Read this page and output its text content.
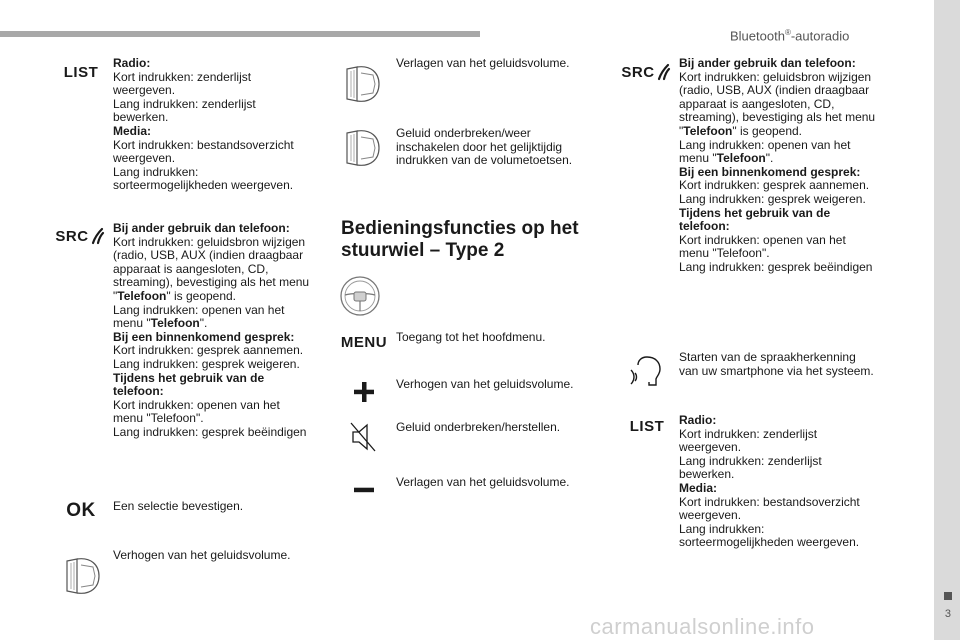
Bluetooth®-autoradio
3
LIST
Radio:
Kort indrukken: zenderlijst
weergeven.
Lang indrukken: zenderlijst
bewerken.
Media:
Kort indrukken: bestandsoverzicht
weergeven.
Lang indrukken:
sorteermogelijkheden weergeven.
SRC Bij ander gebruik dan telefoon:
Kort indrukken: geluidsbron wijzigen
(radio, USB, AUX (indien draagbaar
apparaat is aangesloten, CD,
streaming), bevestiging als het menu
"Telefoon" is geopend.
Lang indrukken: openen van het
menu "Telefoon".
Bij een binnenkomend gesprek:
Kort indrukken: gesprek aannemen.
Lang indrukken: gesprek weigeren.
Tijdens het gebruik van de
telefoon:
Kort indrukken: openen van het
menu "Telefoon".
Lang indrukken: gesprek beëindigen
OK Een selectie bevestigen.
Verhogen van het geluidsvolume.
Verlagen van het geluidsvolume.
Geluid onderbreken/weer
inschakelen door het gelijktijdig
indrukken van de volumetoetsen.
Bedieningsfuncties op het
stuurwiel – Type 2
MENU Toegang tot het hoofdmenu.
Verhogen van het geluidsvolume.
Geluid onderbreken/herstellen.
Verlagen van het geluidsvolume.
SRC
Bij ander gebruik dan telefoon:
Kort indrukken: geluidsbron wijzigen
(radio, USB, AUX (indien draagbaar
apparaat is aangesloten, CD,
streaming), bevestiging als het menu
"Telefoon" is geopend.
Lang indrukken: openen van het
menu "Telefoon".
Bij een binnenkomend gesprek:
Kort indrukken: gesprek aannemen.
Lang indrukken: gesprek weigeren.
Tijdens het gebruik van de
telefoon:
Kort indrukken: openen van het
menu "Telefoon".
Lang indrukken: gesprek beëindigen
Starten van de spraakherkenning
van uw smartphone via het systeem.
LIST Radio:
Kort indrukken: zenderlijst
weergeven.
Lang indrukken: zenderlijst
bewerken.
Media:
Kort indrukken: bestandsoverzicht
weergeven.
Lang indrukken:
sorteermogelijkheden weergeven.
carmanualsonline.info
